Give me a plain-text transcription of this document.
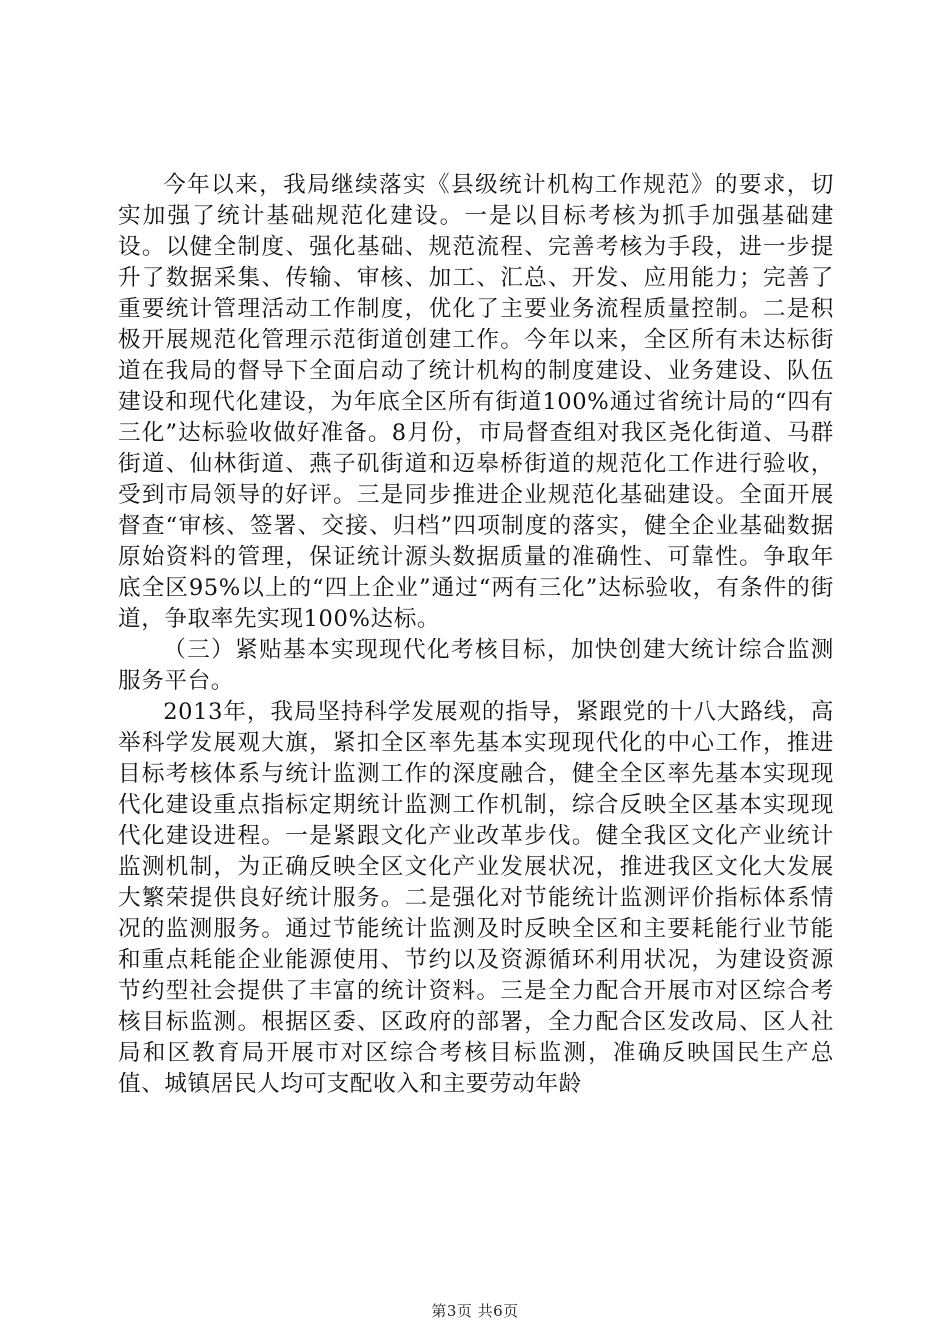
今年以来，我局继续落实《县级统计机构工作规范》的要求，切实加强了统计基础规范化建设。一是以目标考核为抓手加强基础建设。以健全制度、强化基础、规范流程、完善考核为手段，进一步提升了数据采集、传输、审核、加工、汇总、开发、应用能力；完善了重要统计管理活动工作制度，优化了主要业务流程质量控制。二是积极开展规范化管理示范街道创建工作。今年以来，全区所有未达标街道在我局的督导下全面启动了统计机构的制度建设、业务建设、队伍建设和现代化建设，为年底全区所有街道100%通过省统计局的“四有三化”达标验收做好准备。8月份，市局督查组对我区尧化街道、马群街道、仙林街道、燕子矶街道和迈皋桥街道的规范化工作进行验收，受到市局领导的好评。三是同步推进企业规范化基础建设。全面开展督查“审核、签署、交接、归档”四项制度的落实，健全企业基础数据原始资料的管理，保证统计源头数据质量的准确性、可靠性。争取年底全区95%以上的“四上企业”通过“两有三化”达标验收，有条件的街道，争取率先实现100%达标。

（三）紧贴基本实现现代化考核目标，加快创建大统计综合监测服务平台。

2013年，我局坚持科学发展观的指导，紧跟党的十八大路线，高举科学发展观大旗，紧扣全区率先基本实现现代化的中心工作，推进目标考核体系与统计监测工作的深度融合，健全全区率先基本实现现代化建设重点指标定期统计监测工作机制，综合反映全区基本实现现代化建设进程。一是紧跟文化产业改革步伐。健全我区文化产业统计监测机制，为正确反映全区文化产业发展状况，推进我区文化大发展大繁荣提供良好统计服务。二是强化对节能统计监测评价指标体系情况的监测服务。通过节能统计监测及时反映全区和主要耗能行业节能和重点耗能企业能源使用、节约以及资源循环利用状况，为建设资源节约型社会提供了丰富的统计资料。三是全力配合开展市对区综合考核目标监测。根据区委、区政府的部署，全力配合区发改局、区人社局和区教育局开展市对区综合考核目标监测，准确反映国民生产总值、城镇居民人均可支配收入和主要劳动年龄

第3页 共6页
